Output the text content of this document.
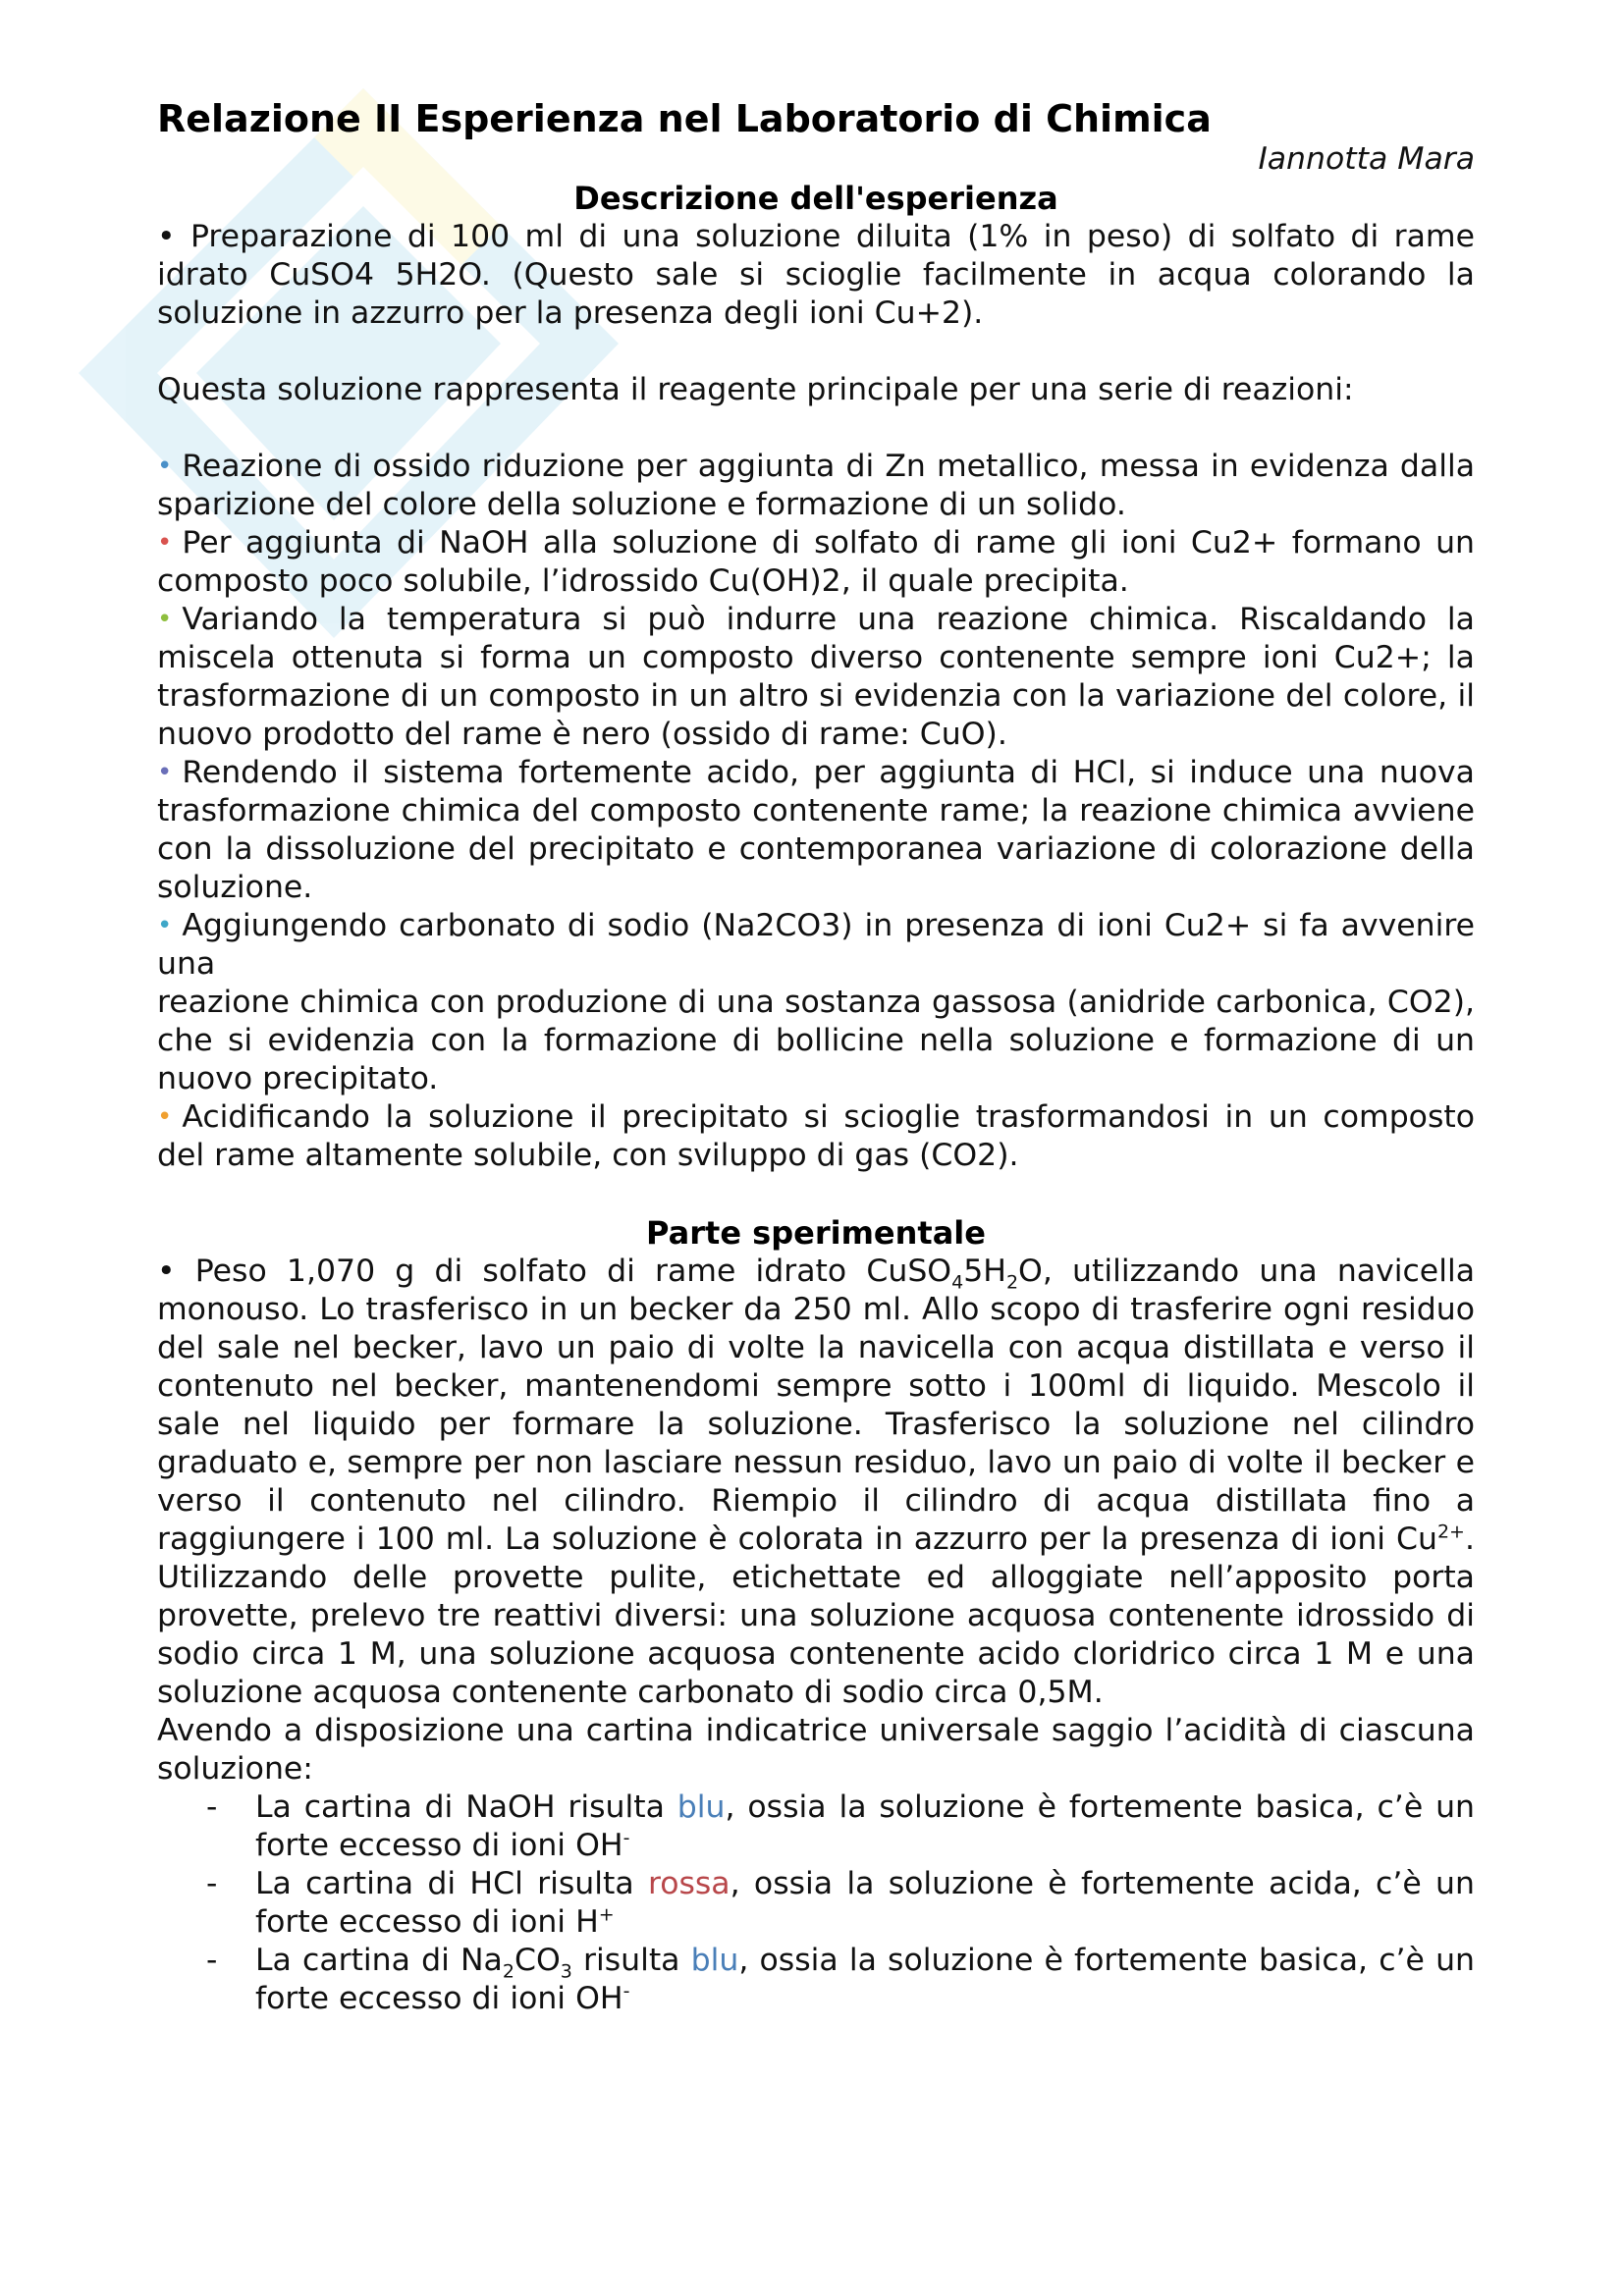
Relazione II Esperienza nel Laboratorio di Chimica
Iannotta Mara
Descrizione dell'esperienza

• Preparazione di 100 ml di una soluzione diluita (1% in peso) di solfato di rame idrato CuSO4 5H2O. (Questo sale si scioglie facilmente in acqua colorando la soluzione in azzurro per la presenza degli ioni Cu+2).

Questa soluzione rappresenta il reagente principale per una serie di reazioni:

• Reazione di ossido riduzione per aggiunta di Zn metallico, messa in evidenza dalla sparizione del colore della soluzione e formazione di un solido.
• Per aggiunta di NaOH alla soluzione di solfato di rame gli ioni Cu2+ formano un composto poco solubile, l’idrossido Cu(OH)2, il quale precipita.
• Variando la temperatura si può indurre una reazione chimica. Riscaldando la miscela ottenuta si forma un composto diverso contenente sempre ioni Cu2+; la trasformazione di un composto in un altro si evidenzia con la variazione del colore, il nuovo prodotto del rame è nero (ossido di rame: CuO).
• Rendendo il sistema fortemente acido, per aggiunta di HCl, si induce una nuova trasformazione chimica del composto contenente rame; la reazione chimica avviene con la dissoluzione del precipitato e contemporanea variazione di colorazione della soluzione.
• Aggiungendo carbonato di sodio (Na2CO3) in presenza di ioni Cu2+ si fa avvenire una
reazione chimica con produzione di una sostanza gassosa (anidride carbonica, CO2), che si evidenzia con la formazione di bollicine nella soluzione e formazione di un nuovo precipitato.
• Acidificando la soluzione il precipitato si scioglie trasformandosi in un composto del rame altamente solubile, con sviluppo di gas (CO2).
Parte sperimentale

• Peso 1,070 g di solfato di rame idrato $CuSO_45H_2O$, utilizzando una navicella monouso. Lo trasferisco in un becker da 250 ml. Allo scopo di trasferire ogni residuo del sale nel becker, lavo un paio di volte la navicella con acqua distillata e verso il contenuto nel becker, mantenendomi sempre sotto i 100ml di liquido. Mescolo il sale nel liquido per formare la soluzione. Trasferisco la soluzione nel cilindro graduato e, sempre per non lasciare nessun residuo, lavo un paio di volte il becker e verso il contenuto nel cilindro. Riempio il cilindro di acqua distillata fino a raggiungere i 100 ml. La soluzione è colorata in azzurro per la presenza di ioni $Cu^{2+}$. Utilizzando delle provette pulite, etichettate ed alloggiate nell’apposito porta provette, prelevo tre reattivi diversi: una soluzione acquosa contenente idrossido di sodio circa 1 M, una soluzione acquosa contenente acido cloridrico circa 1 M e una soluzione acquosa contenente carbonato di sodio circa 0,5M.

Avendo a disposizione una cartina indicatrice universale saggio l’acidità di ciascuna soluzione:

- La cartina di NaOH risulta blu, ossia la soluzione è fortemente basica, c’è un forte eccesso di ioni OH-
- La cartina di HCl risulta rossa, ossia la soluzione è fortemente acida, c’è un forte eccesso di ioni H+
- La cartina di $Na_2CO_3$ risulta blu, ossia la soluzione è fortemente basica, c’è un forte eccesso di ioni OH-
